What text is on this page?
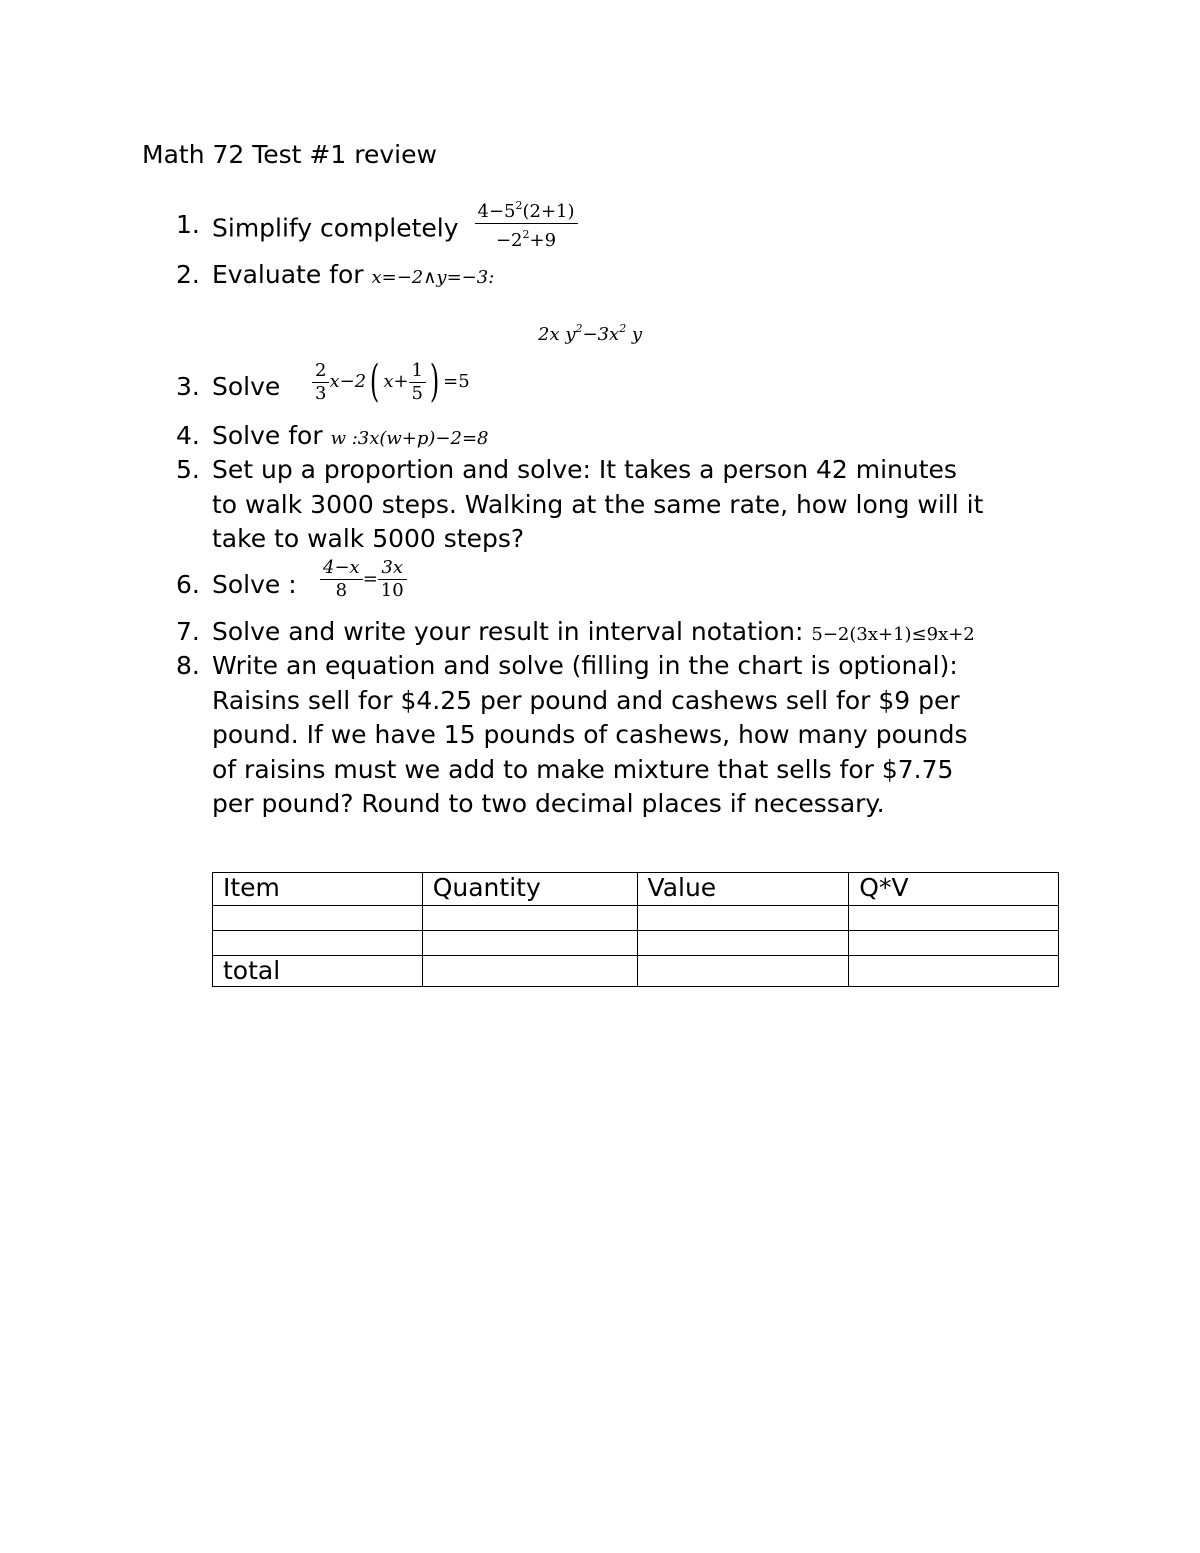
Math 72 Test #1 review
1. Simplify completely $\frac{4-5^2(2+1)}{-2^2+9}$
2. Evaluate for x=−2∧y=−3:
2x $y^2-3x^2$ y
3. Solve $\frac{2}{3} x-2$( $x+ \frac{1}{5}$ ) =5
4. Solve for w :3x(w+p)−2=8
5. Set up a proportion and solve: It takes a person 42 minutes
to walk 3000 steps. Walking at the same rate, how long will it
take to walk 5000 steps?
6. Solve : $\frac{4-x}{8} = \frac{3x}{10}$
7. Solve and write your result in interval notation: 5−2(3x+1)≤9x+2
8. Write an equation and solve (filling in the chart is optional):
Raisins sell for $4.25 per pound and cashews sell for $9 per
pound. If we have 15 pounds of cashews, how many pounds
of raisins must we add to make mixture that sells for $7.75
per pound? Round to two decimal places if necessary.
Item	Quantity	Value	Q*V

total			
